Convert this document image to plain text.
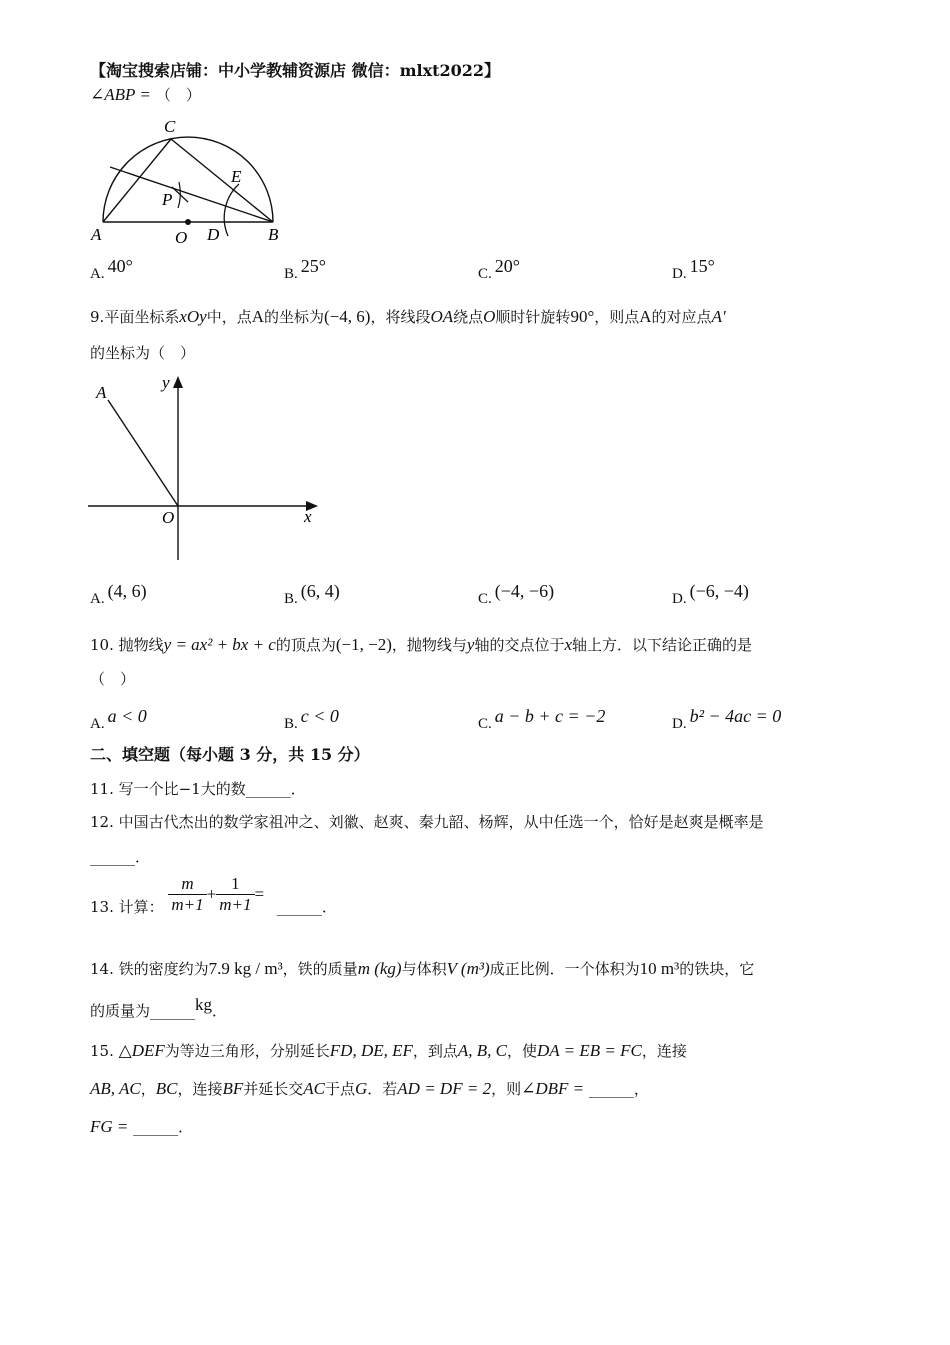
【淘宝搜索店铺：中小学教辅资源店 微信：mlxt2022】
∠ABP = （　）
C
E
P
A	O D	B
A. 40°	B. 25°	C. 20°	D. 15°
9.平面坐标系xOy中，点A的坐标为(−4, 6)，将线段OA绕点O顺时针旋转90°，则点A的对应点A′
的坐标为（　）
A
y
O	x
A. (4, 6)	B. (6, 4)	C. (−4, −6)	D. (−6, −4)
10. 抛物线y = ax² + bx + c的顶点为(−1, −2)，抛物线与y轴的交点位于x轴上方．以下结论正确的是
（　）
A. a < 0	B. c < 0	C. a − b + c = −2	D. b² − 4ac = 0
二、填空题（每小题 3 分，共 15 分）
11. 写一个比−1大的数______．
12. 中国古代杰出的数学家祖冲之、刘徽、赵爽、秦九韶、杨辉，从中任选一个，恰好是赵爽是概率是
______．
13. 计算： $\frac{m}{m+1} + \frac{1}{m+1}$ = ______．
14. 铁的密度约为7.9 kg / m³，铁的质量m (kg)与体积V (m³)成正比例．一个体积为10 m³的铁块，它
的质量为______kg．
15. △DEF为等边三角形，分别延长FD, DE, EF，到点A, B, C，使DA = EB = FC，连接
AB, AC，BC，连接BF并延长交AC于点G．若AD = DF = 2，则∠DBF = ______，
FG = ______．
